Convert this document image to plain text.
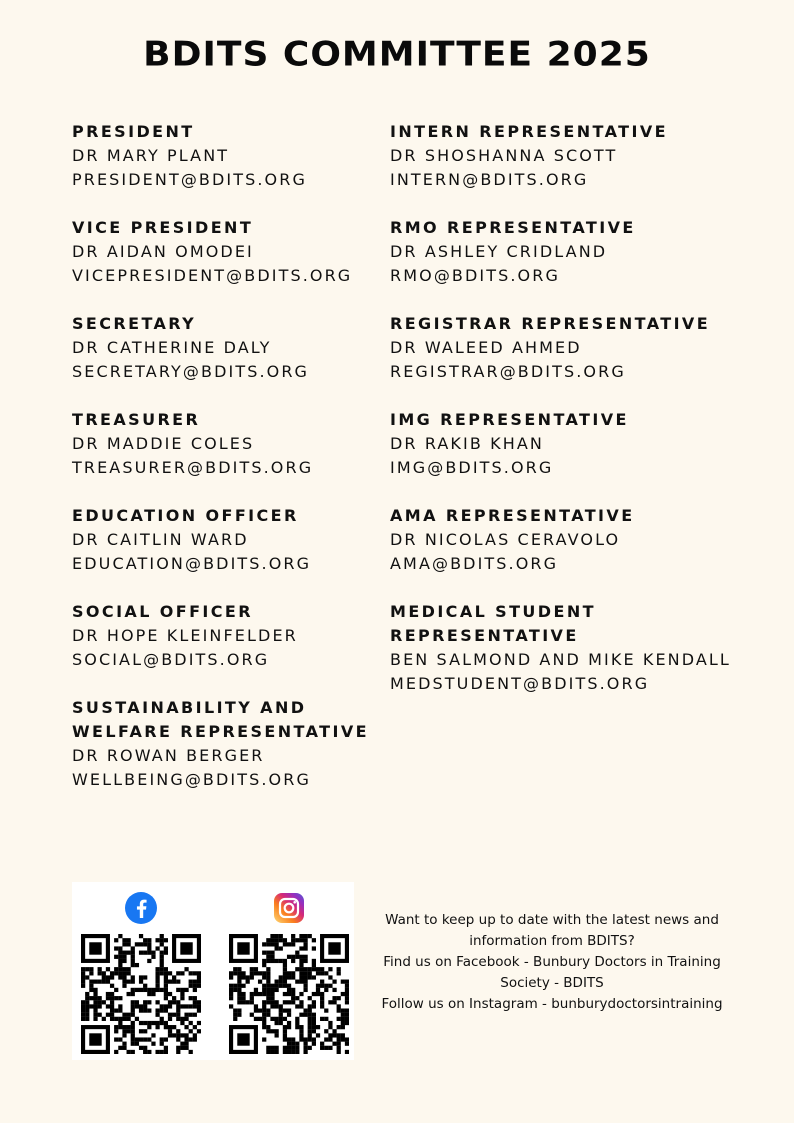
BDITS COMMITTEE 2025
PRESIDENT
DR MARY PLANT
PRESIDENT@BDITS.ORG
VICE PRESIDENT
DR AIDAN OMODEI
VICEPRESIDENT@BDITS.ORG
SECRETARY
DR CATHERINE DALY
SECRETARY@BDITS.ORG
TREASURER
DR MADDIE COLES
TREASURER@BDITS.ORG
EDUCATION OFFICER
DR CAITLIN WARD
EDUCATION@BDITS.ORG
SOCIAL OFFICER
DR HOPE KLEINFELDER
SOCIAL@BDITS.ORG
SUSTAINABILITY AND WELFARE REPRESENTATIVE
DR ROWAN BERGER
WELLBEING@BDITS.ORG
INTERN REPRESENTATIVE
DR SHOSHANNA SCOTT
INTERN@BDITS.ORG
RMO REPRESENTATIVE
DR ASHLEY CRIDLAND
RMO@BDITS.ORG
REGISTRAR REPRESENTATIVE
DR WALEED AHMED
REGISTRAR@BDITS.ORG
IMG REPRESENTATIVE
DR RAKIB KHAN
IMG@BDITS.ORG
AMA REPRESENTATIVE
DR NICOLAS CERAVOLO
AMA@BDITS.ORG
MEDICAL STUDENT REPRESENTATIVE
BEN SALMOND AND MIKE KENDALL
MEDSTUDENT@BDITS.ORG
Want to keep up to date with the latest news and information from BDITS?
Find us on Facebook - Bunbury Doctors in Training Society - BDITS
Follow us on Instagram - bunburydoctorsintraining
